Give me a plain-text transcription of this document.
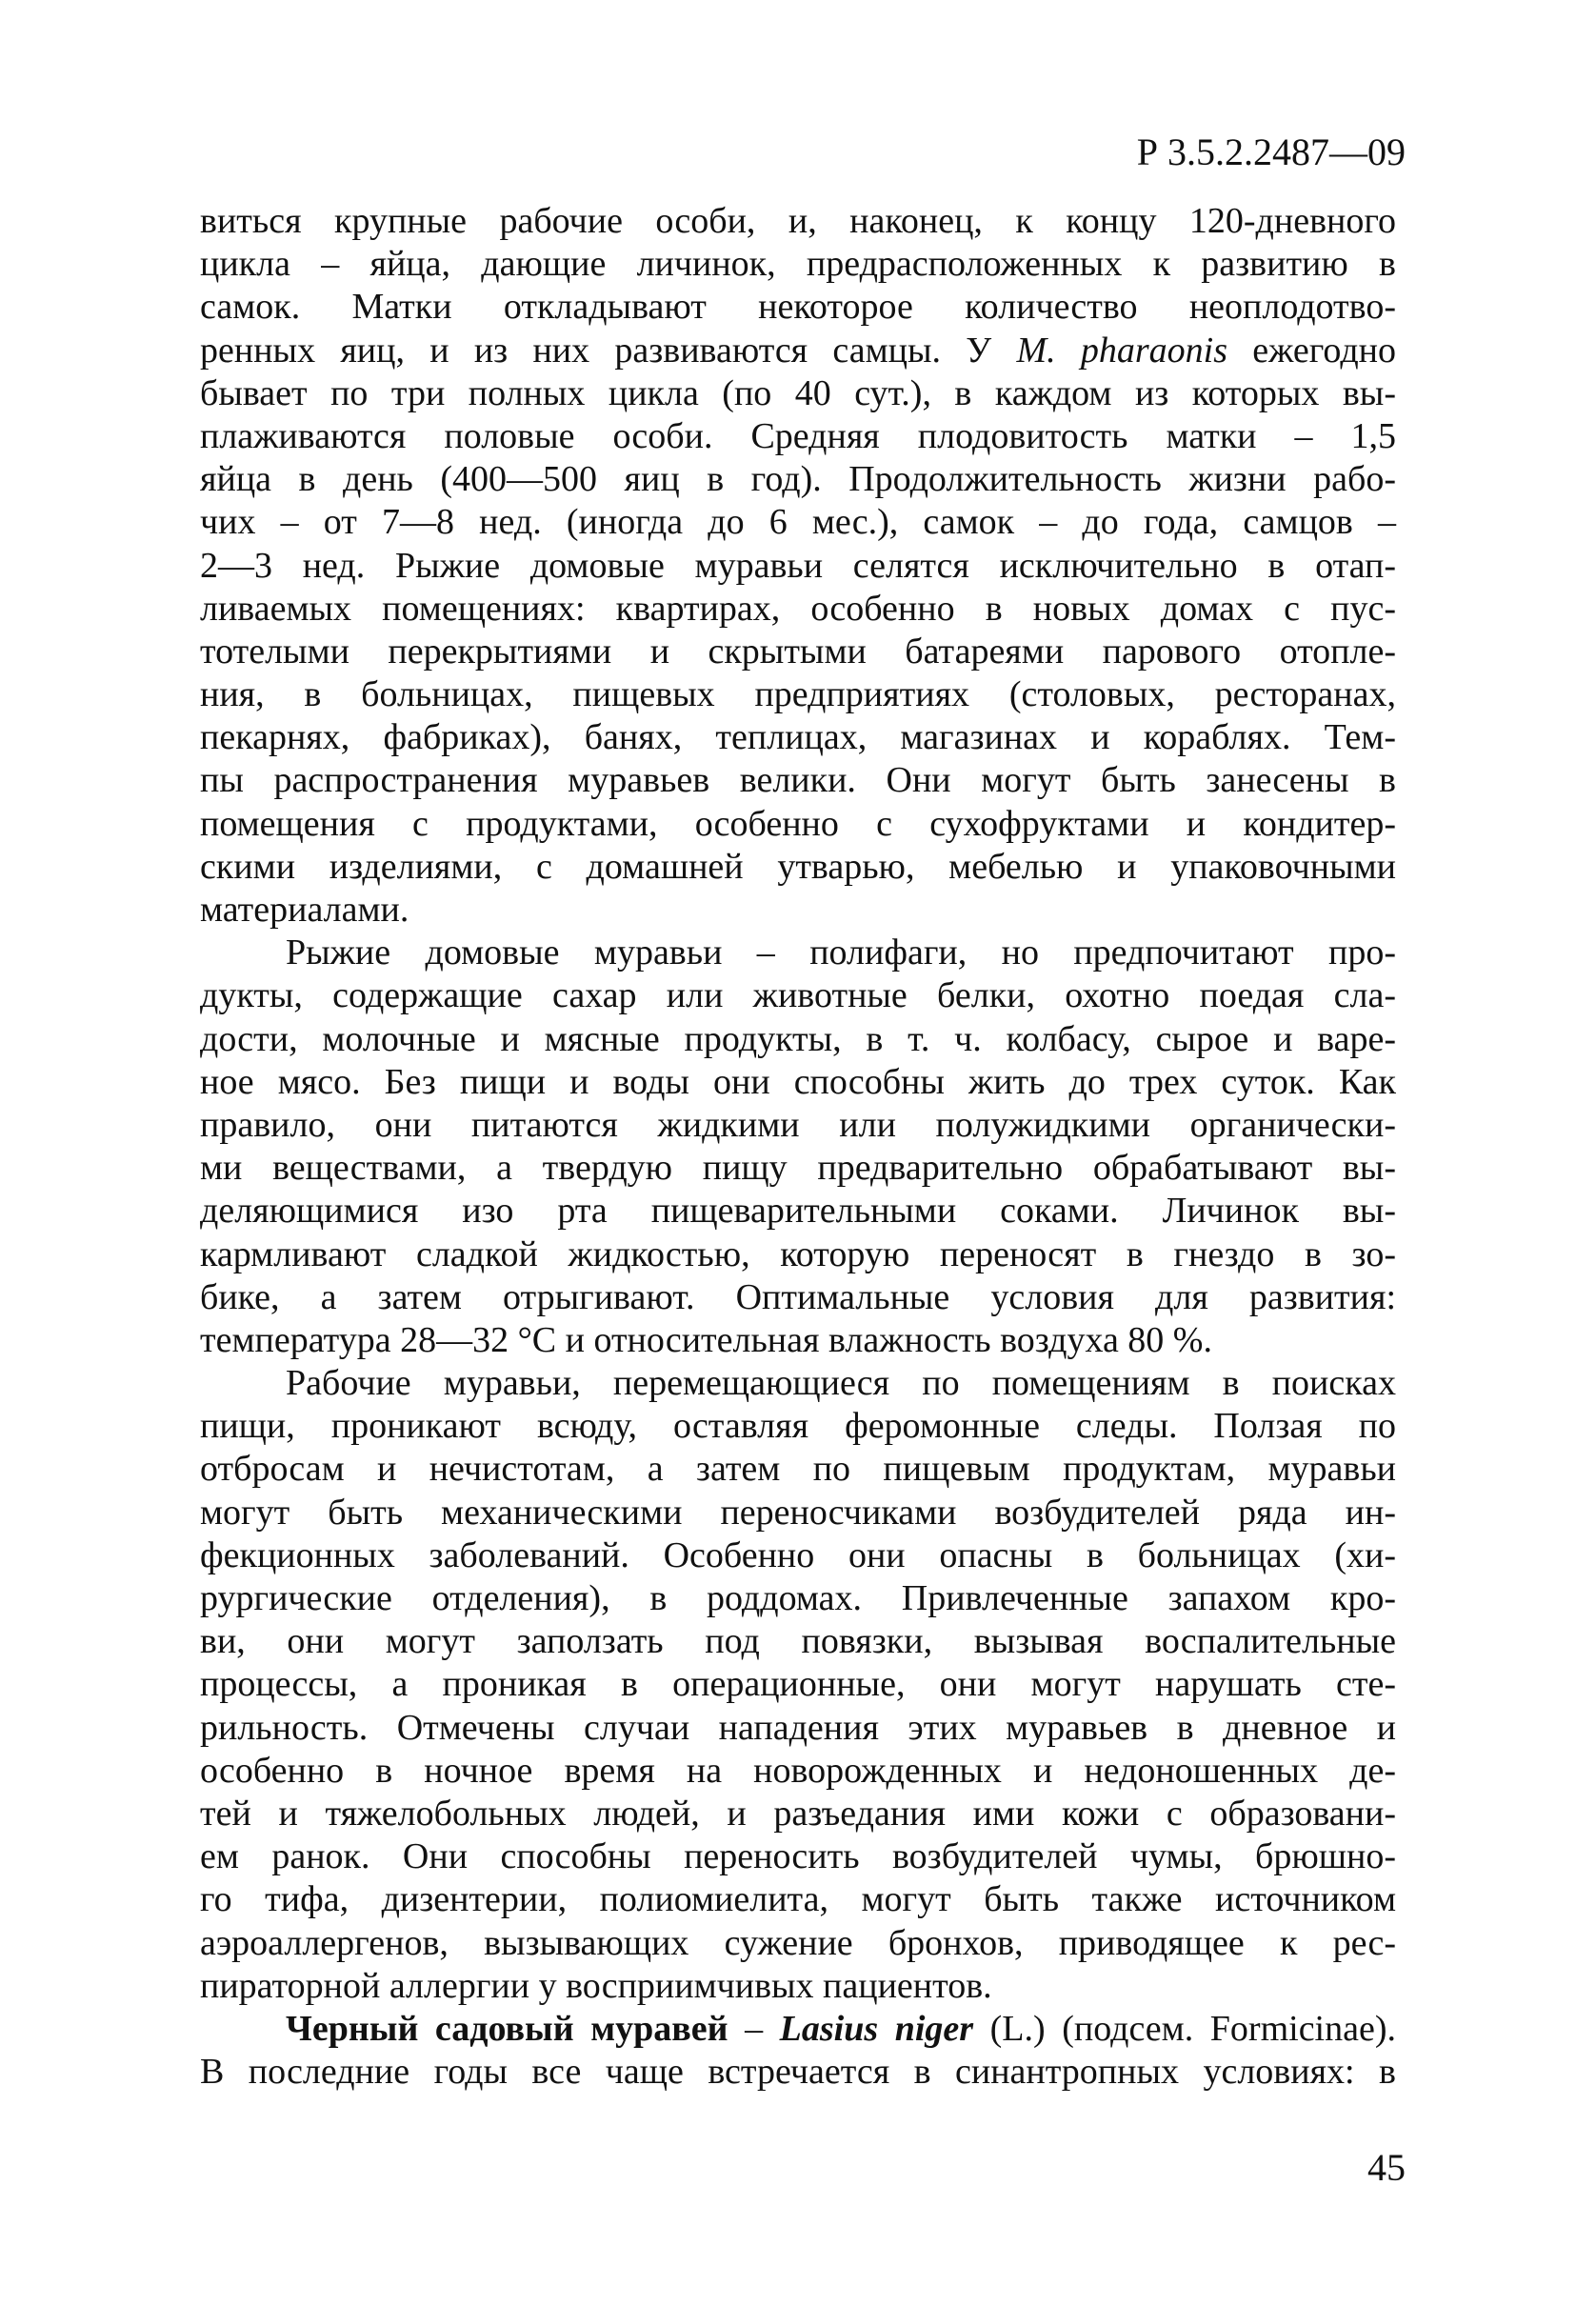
Р 3.5.2.2487—09
виться крупные рабочие особи, и, наконец, к концу 120-дневного
цикла – яйца, дающие личинок, предрасположенных к развитию в
самок. Матки откладывают некоторое количество неоплодотво-
ренных яиц, и из них развиваются самцы. У M. pharaonis ежегодно
бывает по три полных цикла (по 40 сут.), в каждом из которых вы-
плаживаются половые особи. Средняя плодовитость матки – 1,5
яйца в день (400—500 яиц в год). Продолжительность жизни рабо-
чих – от 7—8 нед. (иногда до 6 мес.), самок – до года, самцов –
2—3 нед. Рыжие домовые муравьи селятся исключительно в отап-
ливаемых помещениях: квартирах, особенно в новых домах с пус-
тотелыми перекрытиями и скрытыми батареями парового отопле-
ния, в больницах, пищевых предприятиях (столовых, ресторанах,
пекарнях, фабриках), банях, теплицах, магазинах и кораблях. Тем-
пы распространения муравьев велики. Они могут быть занесены в
помещения с продуктами, особенно с сухофруктами и кондитер-
скими изделиями, с домашней утварью, мебелью и упаковочными
материалами.
Рыжие домовые муравьи – полифаги, но предпочитают про-
дукты, содержащие сахар или животные белки, охотно поедая сла-
дости, молочные и мясные продукты, в т. ч. колбасу, сырое и варе-
ное мясо. Без пищи и воды они способны жить до трех суток. Как
правило, они питаются жидкими или полужидкими органически-
ми веществами, а твердую пищу предварительно обрабатывают вы-
деляющимися изо рта пищеварительными соками. Личинок вы-
кармливают сладкой жидкостью, которую переносят в гнездо в зо-
бике, а затем отрыгивают. Оптимальные условия для развития:
температура 28—32 °С и относительная влажность воздуха 80 %.
Рабочие муравьи, перемещающиеся по помещениям в поисках
пищи, проникают всюду, оставляя феромонные следы. Ползая по
отбросам и нечистотам, а затем по пищевым продуктам, муравьи
могут быть механическими переносчиками возбудителей ряда ин-
фекционных заболеваний. Особенно они опасны в больницах (хи-
рургические отделения), в роддомах. Привлеченные запахом кро-
ви, они могут заползать под повязки, вызывая воспалительные
процессы, а проникая в операционные, они могут нарушать сте-
рильность. Отмечены случаи нападения этих муравьев в дневное и
особенно в ночное время на новорожденных и недоношенных де-
тей и тяжелобольных людей, и разъедания ими кожи с образовани-
ем ранок. Они способны переносить возбудителей чумы, брюшно-
го тифа, дизентерии, полиомиелита, могут быть также источником
аэроаллергенов, вызывающих сужение бронхов, приводящее к рес-
пираторной аллергии у восприимчивых пациентов.
Черный садовый муравей – Lasius niger (L.) (подсем. Formicinae).
В последние годы все чаще встречается в синантропных условиях: в
45
